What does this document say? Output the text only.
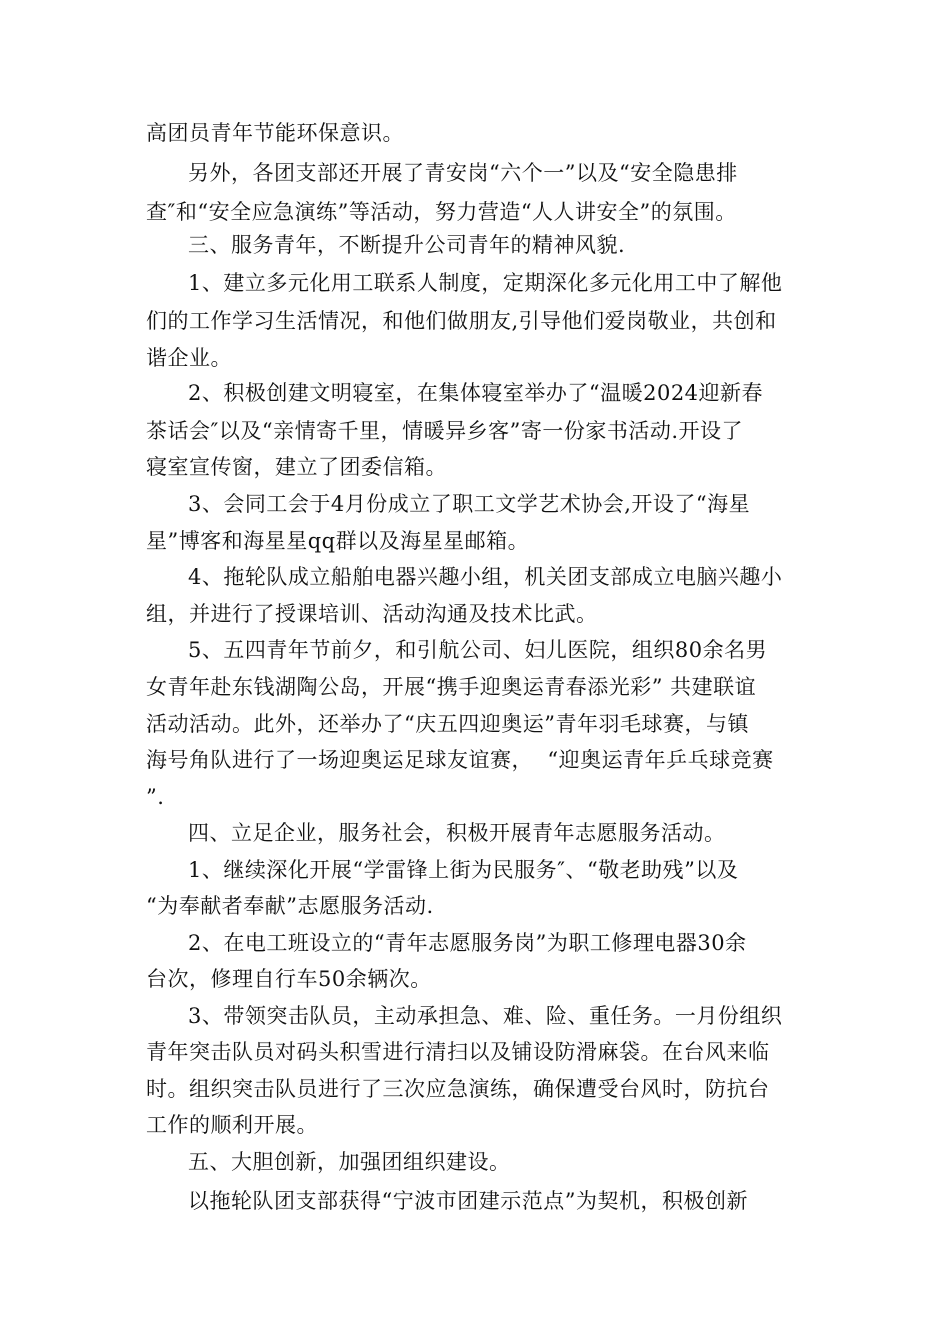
高团员青年节能环保意识。
另外，各团支部还开展了青安岗“六个一”以及“安全隐患排
查″和“安全应急演练”等活动，努力营造“人人讲安全”的氛围。
三、服务青年，不断提升公司青年的精神风貌.
1、建立多元化用工联系人制度，定期深化多元化用工中了解他
们的工作学习生活情况，和他们做朋友,引导他们爱岗敬业，共创和
谐企业。
2、积极创建文明寝室，在集体寝室举办了“温暖2024迎新春
茶话会″以及“亲情寄千里，情暖异乡客”寄一份家书活动.开设了
寝室宣传窗，建立了团委信箱。
3、会同工会于4月份成立了职工文学艺术协会,开设了“海星
星”博客和海星星qq群以及海星星邮箱。
4、拖轮队成立船舶电器兴趣小组，机关团支部成立电脑兴趣小
组，并进行了授课培训、活动沟通及技术比武。
5、五四青年节前夕，和引航公司、妇儿医院，组织80余名男
女青年赴东钱湖陶公岛，开展“携手迎奥运青春添光彩” 共建联谊
活动活动。此外，还举办了“庆五四迎奥运”青年羽毛球赛，与镇
海号角队进行了一场迎奥运足球友谊赛，  “迎奥运青年乒乓球竞赛
”.
四、立足企业，服务社会，积极开展青年志愿服务活动。
1、继续深化开展“学雷锋上街为民服务″、“敬老助残”以及
“为奉献者奉献”志愿服务活动.
2、在电工班设立的“青年志愿服务岗”为职工修理电器30余
台次，修理自行车50余辆次。
3、带领突击队员，主动承担急、难、险、重任务。一月份组织
青年突击队员对码头积雪进行清扫以及铺设防滑麻袋。在台风来临
时。组织突击队员进行了三次应急演练，确保遭受台风时，防抗台
工作的顺利开展。
五、大胆创新，加强团组织建设。
以拖轮队团支部获得“宁波市团建示范点”为契机，积极创新
